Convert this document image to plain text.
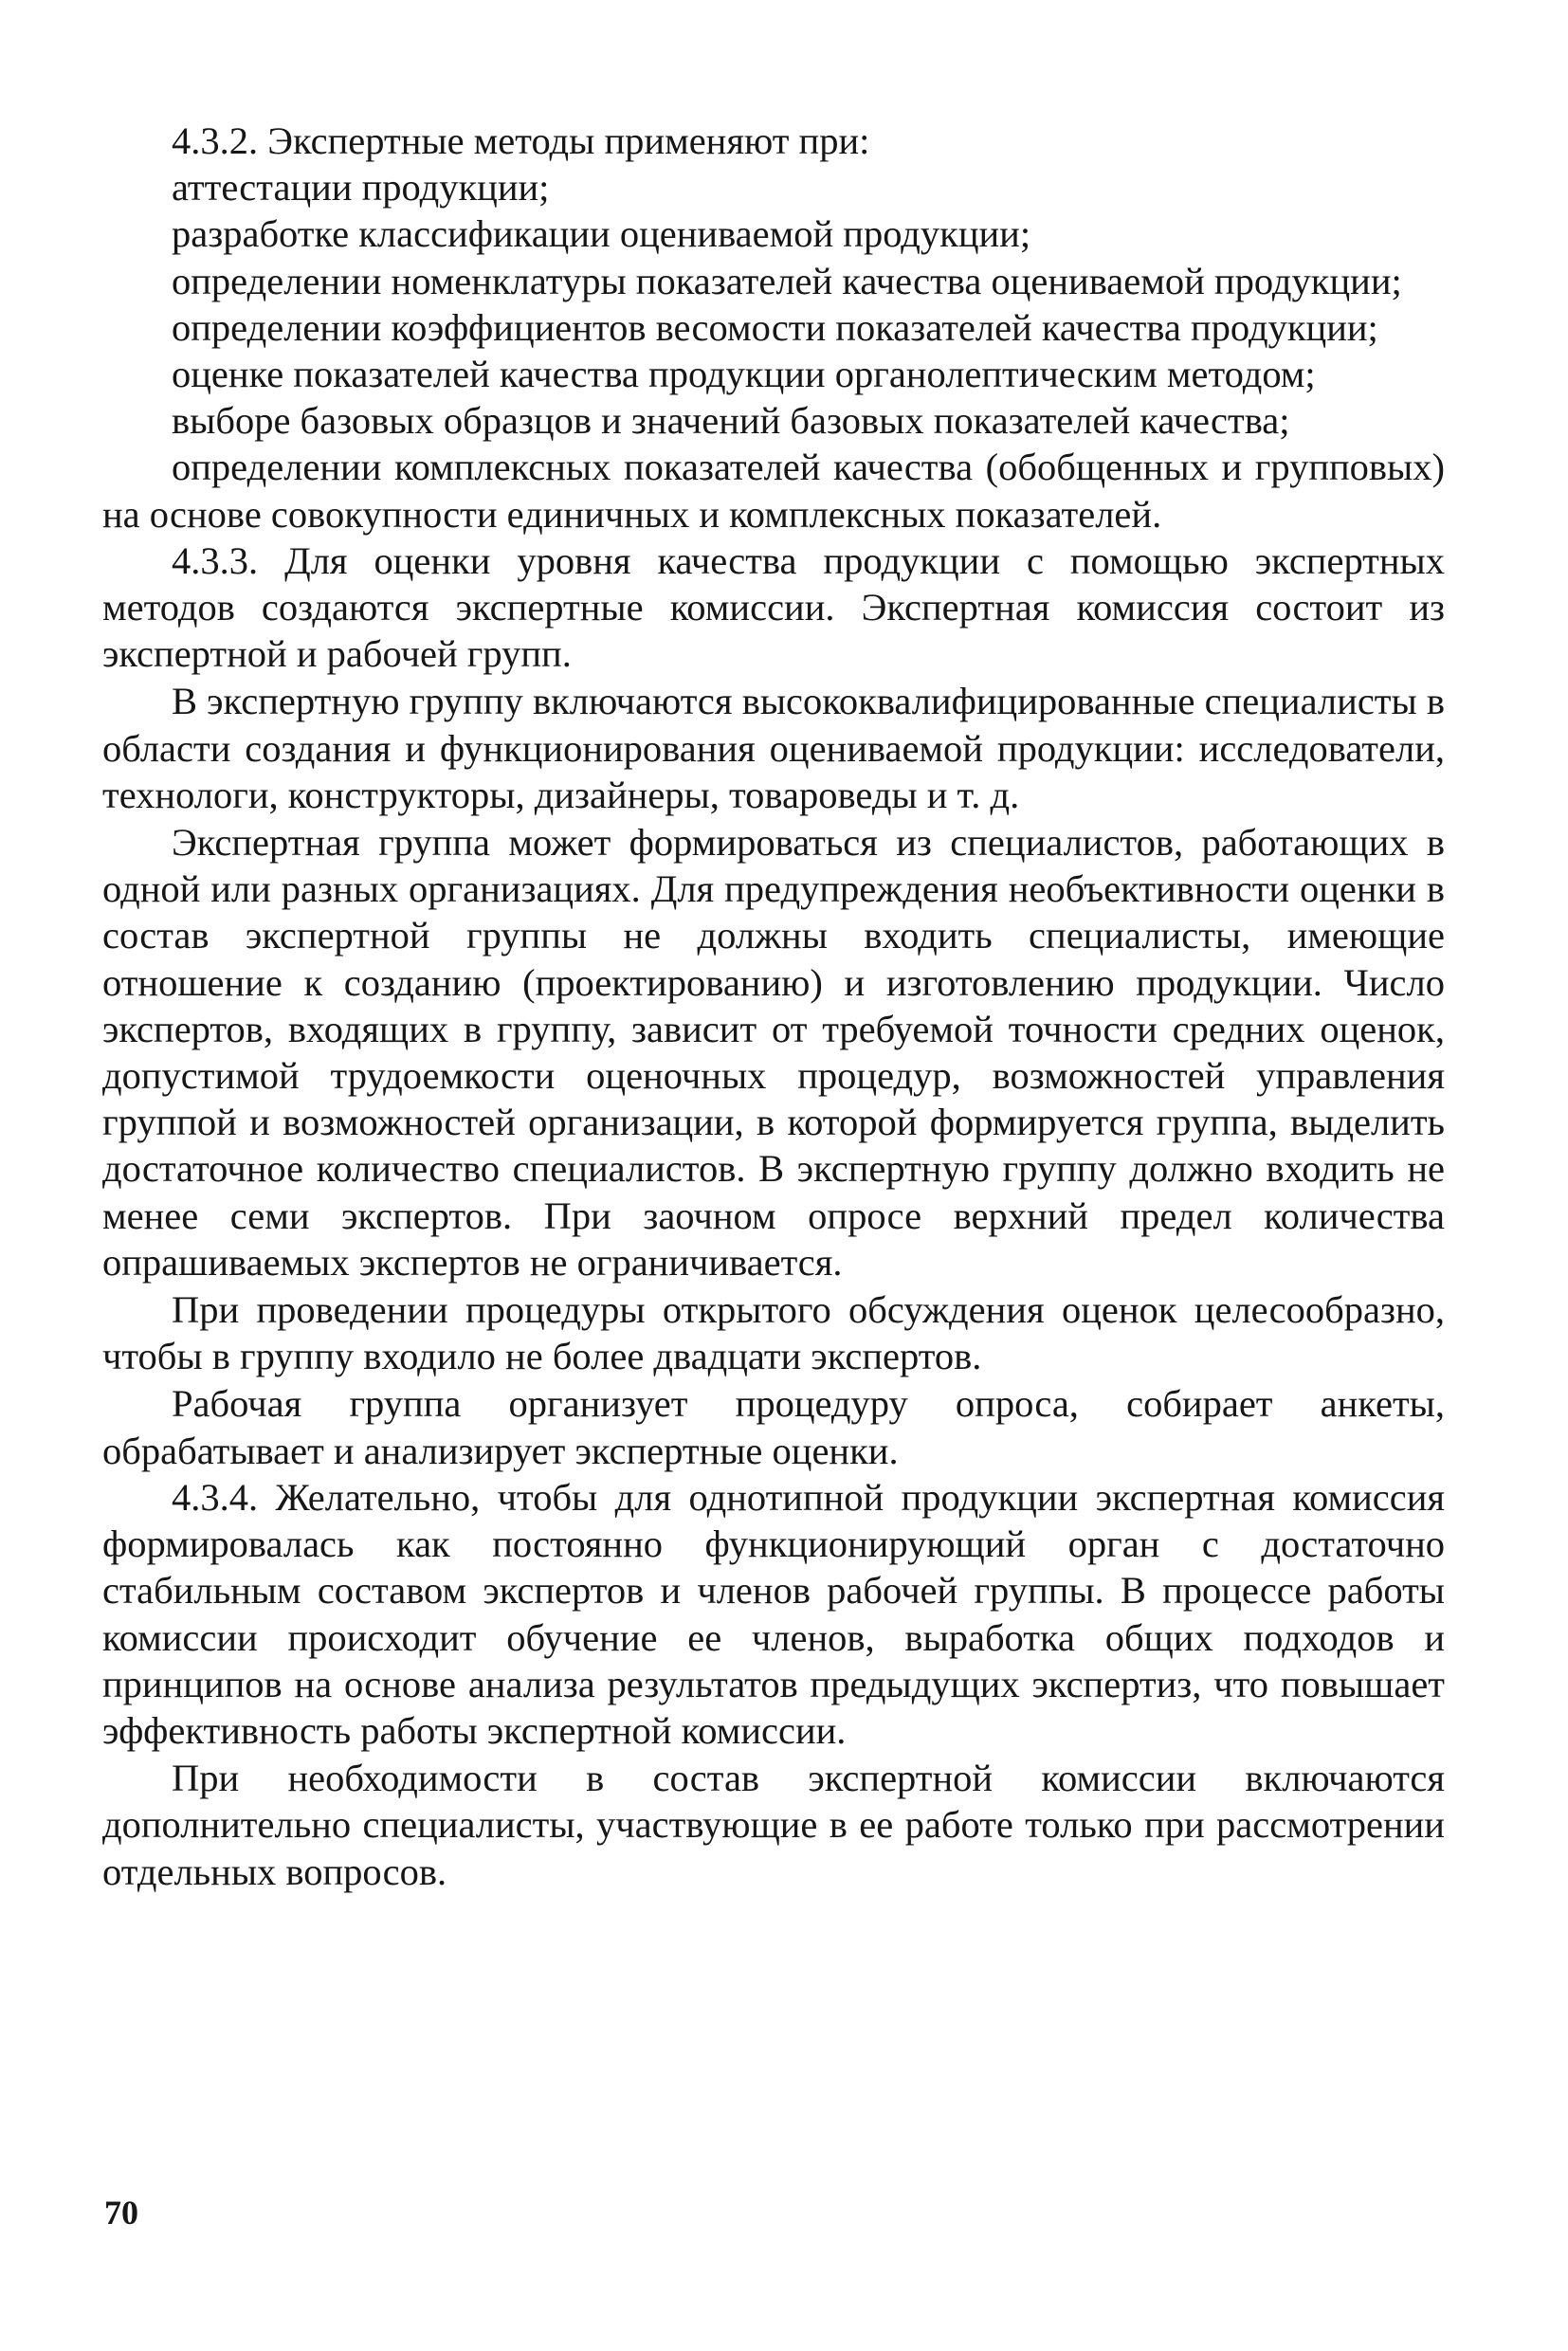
4.3.2. Экспертные методы применяют при:

аттестации продукции;

разработке классификации оцениваемой продукции;

определении номенклатуры показателей качества оцениваемой продукции;

определении коэффициентов весомости показателей качества продукции;

оценке показателей качества продукции органолептическим методом;

выборе базовых образцов и значений базовых показателей качества;

определении комплексных показателей качества (обобщенных и групповых) на основе совокупности единичных и комплексных показателей.

4.3.3. Для оценки уровня качества продукции с помощью экспертных методов создаются экспертные комиссии. Экспертная комиссия состоит из экспертной и рабочей групп.

В экспертную группу включаются высококвалифицированные специалисты в области создания и функционирования оцениваемой продукции: исследователи, технологи, конструкторы, дизайнеры, товароведы и т. д.

Экспертная группа может формироваться из специалистов, работающих в одной или разных организациях. Для предупреждения необъективности оценки в состав экспертной группы не должны входить специалисты, имеющие отношение к созданию (проектированию) и изготовлению продукции. Число экспертов, входящих в группу, зависит от требуемой точности средних оценок, допустимой трудоемкости оценочных процедур, возможностей управления группой и возможностей организации, в которой формируется группа, выделить достаточное количество специалистов. В экспертную группу должно входить не менее семи экспертов. При заочном опросе верхний предел количества опрашиваемых экспертов не ограничивается.

При проведении процедуры открытого обсуждения оценок целесообразно, чтобы в группу входило не более двадцати экспертов.

Рабочая группа организует процедуру опроса, собирает анкеты, обрабатывает и анализирует экспертные оценки.

4.3.4. Желательно, чтобы для однотипной продукции экспертная комиссия формировалась как постоянно функционирующий орган с достаточно стабильным составом экспертов и членов рабочей группы. В процессе работы комиссии происходит обучение ее членов, выработка общих подходов и принципов на основе анализа результатов предыдущих экспертиз, что повышает эффективность работы экспертной комиссии.

При необходимости в состав экспертной комиссии включаются дополнительно специалисты, участвующие в ее работе только при рассмотрении отдельных вопросов.

70
